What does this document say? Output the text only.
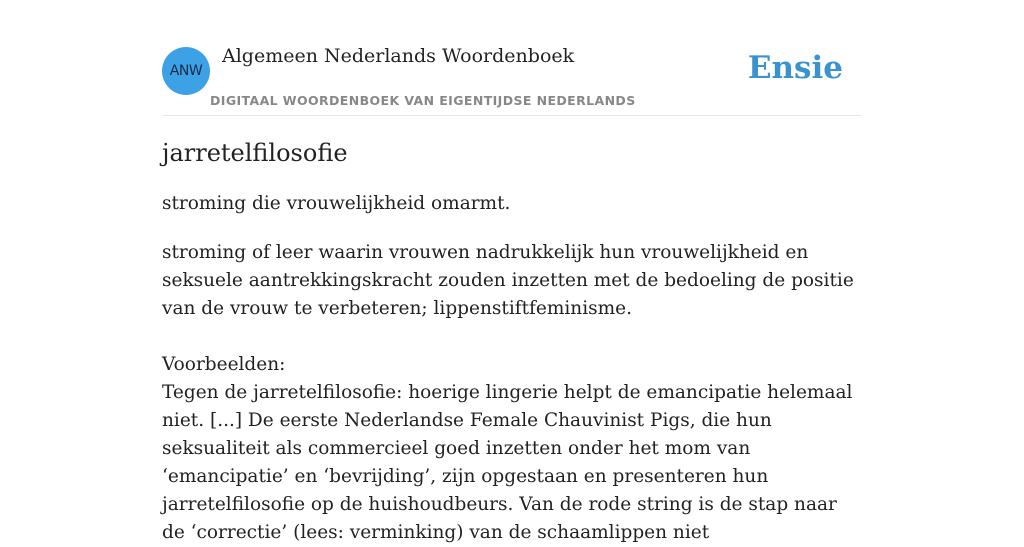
ANW
Algemeen Nederlands Woordenboek
DIGITAAL WOORDENBOEK VAN EIGENTIJDSE NEDERLANDS
Ensie
jarretelfilosofie

stroming die vrouwelijkheid omarmt.

stroming of leer waarin vrouwen nadrukkelijk hun vrouwelijkheid en seksuele aantrekkingskracht zouden inzetten met de bedoeling de positie van de vrouw te verbeteren; lippenstiftfeminisme.

Voorbeelden:

Tegen de jarretelfilosofie: hoerige lingerie helpt de emancipatie helemaal niet. [...] De eerste Nederlandse Female Chauvinist Pigs, die hun seksualiteit als commercieel goed inzetten onder het mom van ‘emancipatie’ en ‘bevrijding’, zijn opgestaan en presenteren hun jarretelfilosofie op de huishoudbeurs. Van de rode string is de stap naar de ‘correctie’ (lees: verminking) van de schaamlippen niet
